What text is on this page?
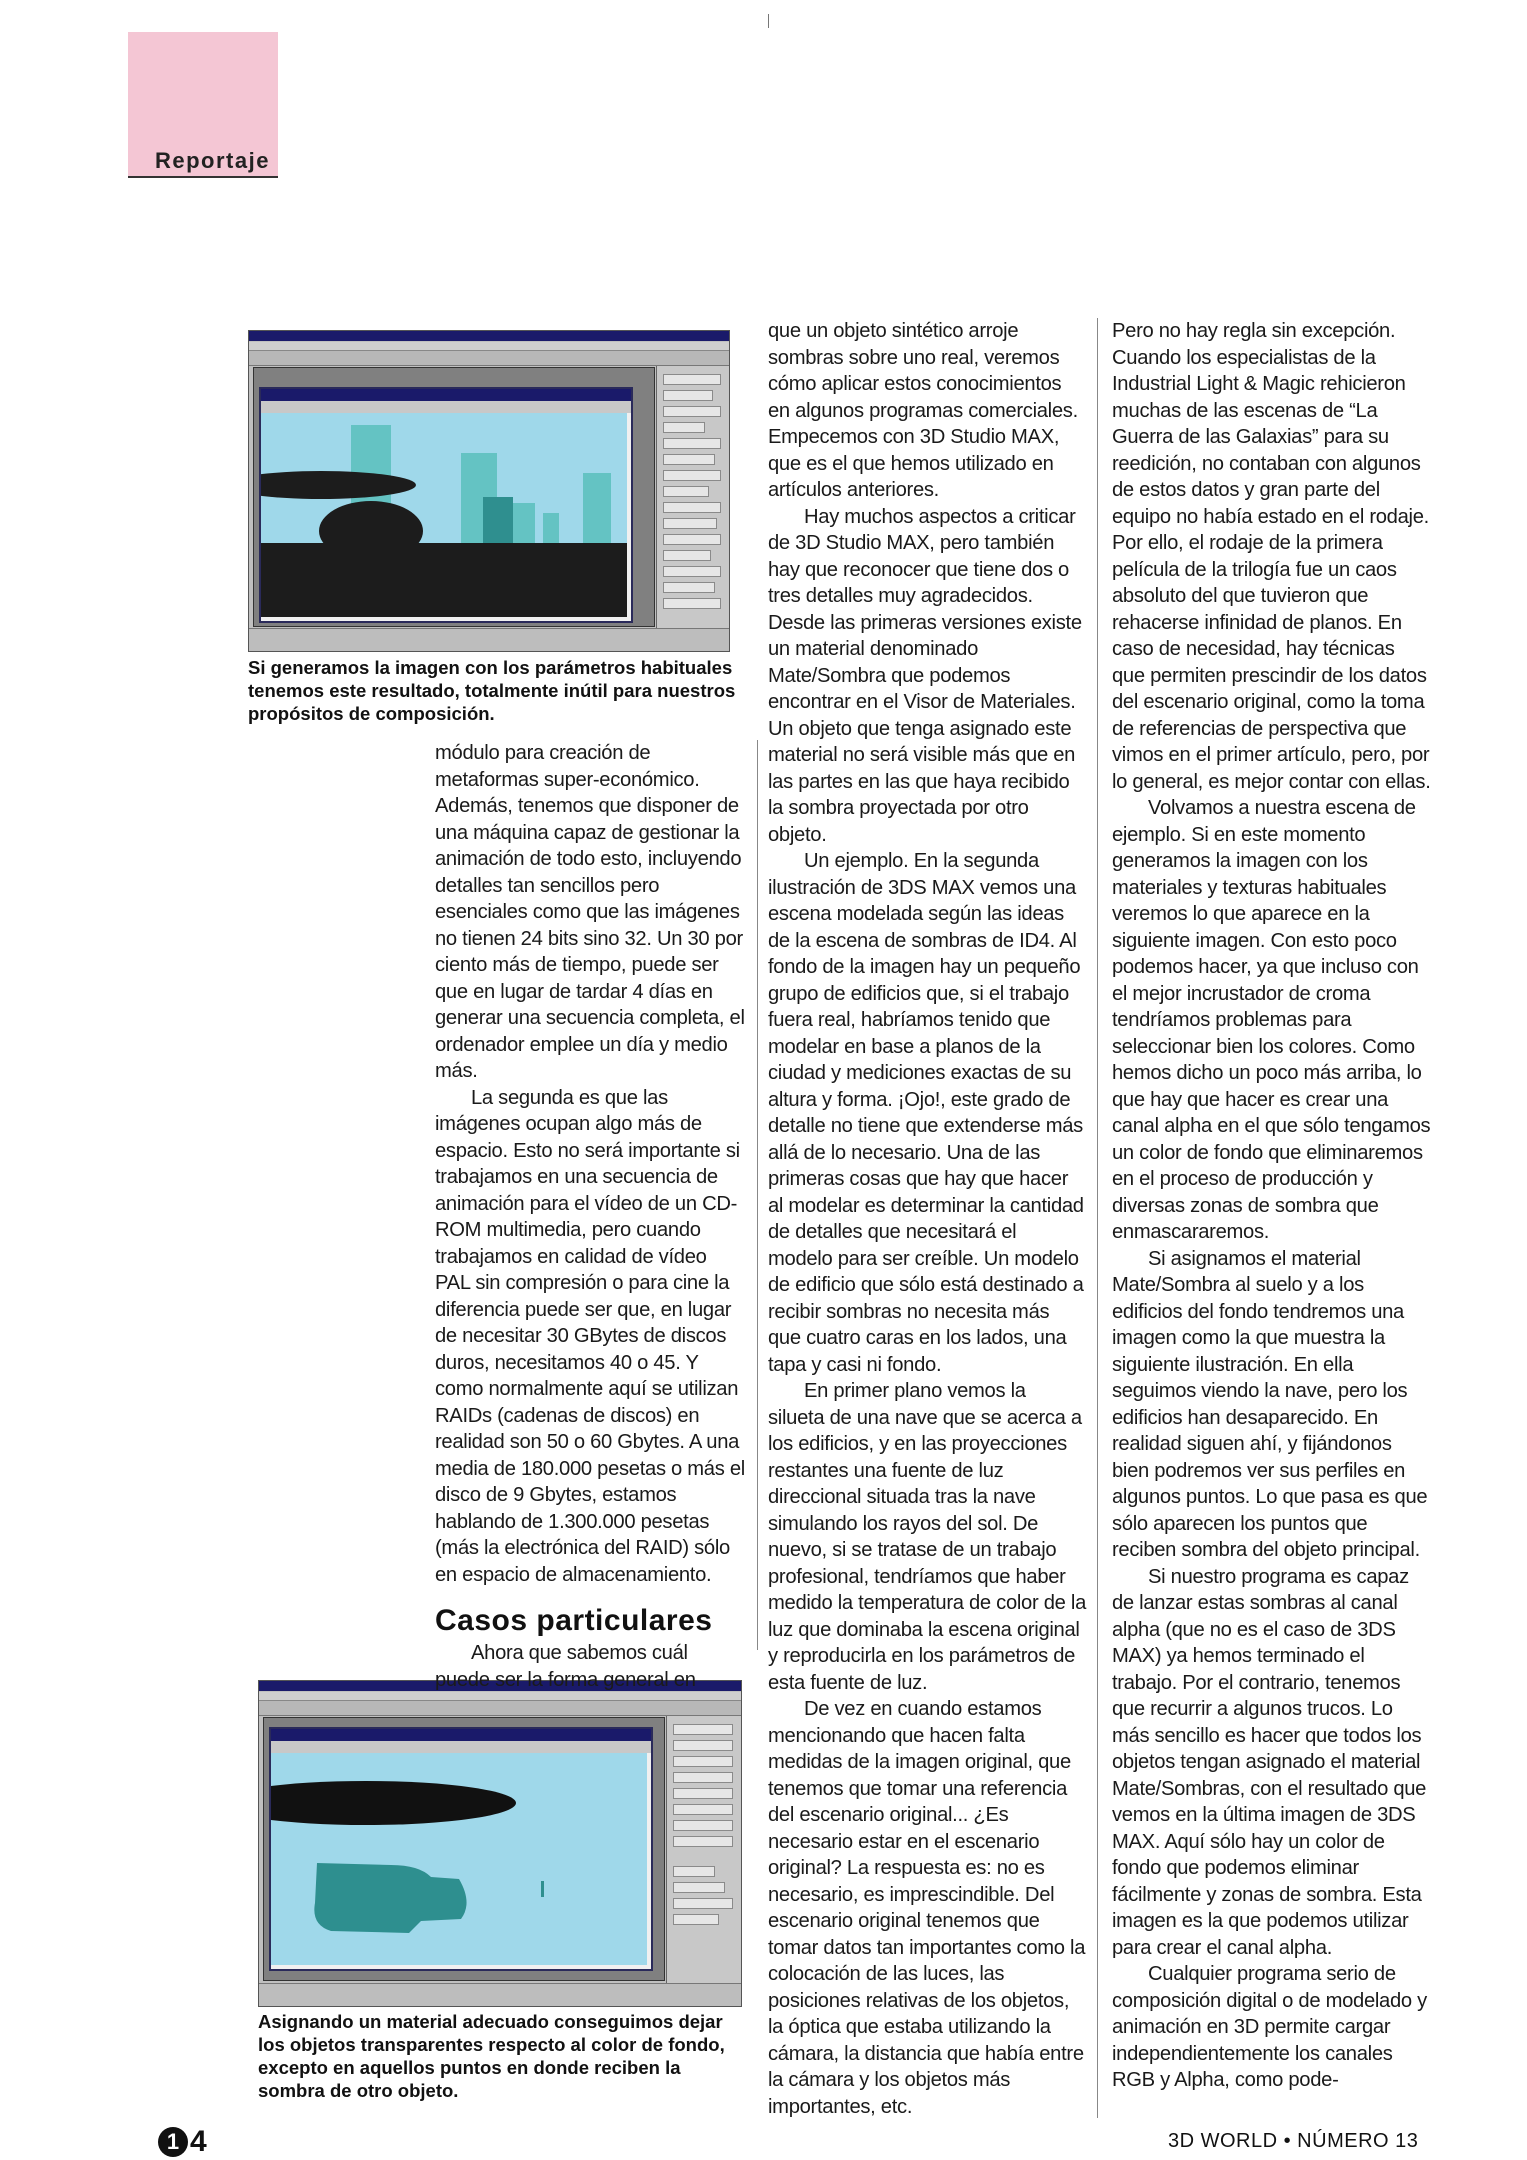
Reportaje
Si generamos la imagen con los parámetros habituales tenemos este resultado, totalmente inútil para nuestros propósitos de composición.
Asignando un material adecuado conseguimos dejar los objetos transparentes respecto al color de fondo, excepto en aquellos puntos en donde reciben la sombra de otro objeto.

módulo para creación de metaformas super-económico. Además, tenemos que disponer de una máquina capaz de gestionar la animación de todo esto, incluyendo detalles tan sencillos pero esenciales como que las imágenes no tienen 24 bits sino 32. Un 30 por ciento más de tiempo, puede ser que en lugar de tardar 4 días en generar una secuencia completa, el ordenador emplee un día y medio más.

La segunda es que las imágenes ocupan algo más de espacio. Esto no será importante si trabajamos en una secuencia de animación para el vídeo de un CD-ROM multimedia, pero cuando trabajamos en calidad de vídeo PAL sin compresión o para cine la diferencia puede ser que, en lugar de necesitar 30 GBytes de discos duros, necesitamos 40 o 45. Y como normalmente aquí se utilizan RAIDs (cadenas de discos) en realidad son 50 o 60 Gbytes. A una media de 180.000 pesetas o más el disco de 9 Gbytes, estamos hablando de 1.300.000 pesetas (más la electrónica del RAID) sólo en espacio de almacenamiento.

Casos particulares

Ahora que sabemos cuál puede ser la forma general en

que un objeto sintético arroje sombras sobre uno real, veremos cómo aplicar estos conocimientos en algunos programas comerciales. Empecemos con 3D Studio MAX, que es el que hemos utilizado en artículos anteriores.

Hay muchos aspectos a criticar de 3D Studio MAX, pero también hay que reconocer que tiene dos o tres detalles muy agradecidos. Desde las primeras versiones existe un material denominado Mate/Sombra que podemos encontrar en el Visor de Materiales. Un objeto que tenga asignado este material no será visible más que en las partes en las que haya recibido la sombra proyectada por otro objeto.

Un ejemplo. En la segunda ilustración de 3DS MAX vemos una escena modelada según las ideas de la escena de sombras de ID4. Al fondo de la imagen hay un pequeño grupo de edificios que, si el trabajo fuera real, habríamos tenido que modelar en base a planos de la ciudad y mediciones exactas de su altura y forma. ¡Ojo!, este grado de detalle no tiene que extenderse más allá de lo necesario. Una de las primeras cosas que hay que hacer al modelar es determinar la cantidad de detalles que necesitará el modelo para ser creíble. Un modelo de edificio que sólo está destinado a recibir sombras no necesita más que cuatro caras en los lados, una tapa y casi ni fondo.

En primer plano vemos la silueta de una nave que se acerca a los edificios, y en las proyecciones restantes una fuente de luz direccional situada tras la nave simulando los rayos del sol. De nuevo, si se tratase de un trabajo profesional, tendríamos que haber medido la temperatura de color de la luz que dominaba la escena original y reproducirla en los parámetros de esta fuente de luz.

De vez en cuando estamos mencionando que hacen falta medidas de la imagen original, que tenemos que tomar una referencia del escenario original... ¿Es necesario estar en el escenario original? La respuesta es: no es necesario, es imprescindible. Del escenario original tenemos que tomar datos tan importantes como la colocación de las luces, las posiciones relativas de los objetos, la óptica que estaba utilizando la cámara, la distancia que había entre la cámara y los objetos más importantes, etc.

Pero no hay regla sin excepción. Cuando los especialistas de la Industrial Light & Magic rehicieron muchas de las escenas de “La Guerra de las Galaxias” para su reedición, no contaban con algunos de estos datos y gran parte del equipo no había estado en el rodaje. Por ello, el rodaje de la primera película de la trilogía fue un caos absoluto del que tuvieron que rehacerse infinidad de planos. En caso de necesidad, hay técnicas que permiten prescindir de los datos del escenario original, como la toma de referencias de perspectiva que vimos en el primer artículo, pero, por lo general, es mejor contar con ellas.

Volvamos a nuestra escena de ejemplo. Si en este momento generamos la imagen con los materiales y texturas habituales veremos lo que aparece en la siguiente imagen. Con esto poco podemos hacer, ya que incluso con el mejor incrustador de croma tendríamos problemas para seleccionar bien los colores. Como hemos dicho un poco más arriba, lo que hay que hacer es crear una canal alpha en el que sólo tengamos un color de fondo que eliminaremos en el proceso de producción y diversas zonas de sombra que enmascararemos.

Si asignamos el material Mate/Sombra al suelo y a los edificios del fondo tendremos una imagen como la que muestra la siguiente ilustración. En ella seguimos viendo la nave, pero los edificios han desaparecido. En realidad siguen ahí, y fijándonos bien podremos ver sus perfiles en algunos puntos. Lo que pasa es que sólo aparecen los puntos que reciben sombra del objeto principal.

Si nuestro programa es capaz de lanzar estas sombras al canal alpha (que no es el caso de 3DS MAX) ya hemos terminado el trabajo. Por el contrario, tenemos que recurrir a algunos trucos. Lo más sencillo es hacer que todos los objetos tengan asignado el material Mate/Sombras, con el resultado que vemos en la última imagen de 3DS MAX. Aquí sólo hay un color de fondo que podemos eliminar fácilmente y zonas de sombra. Esta imagen es la que podemos utilizar para crear el canal alpha.

Cualquier programa serio de composición digital o de modelado y animación en 3D permite cargar independientemente los canales RGB y Alpha, como pode-

1 4	3D WORLD • NÚMERO 13
